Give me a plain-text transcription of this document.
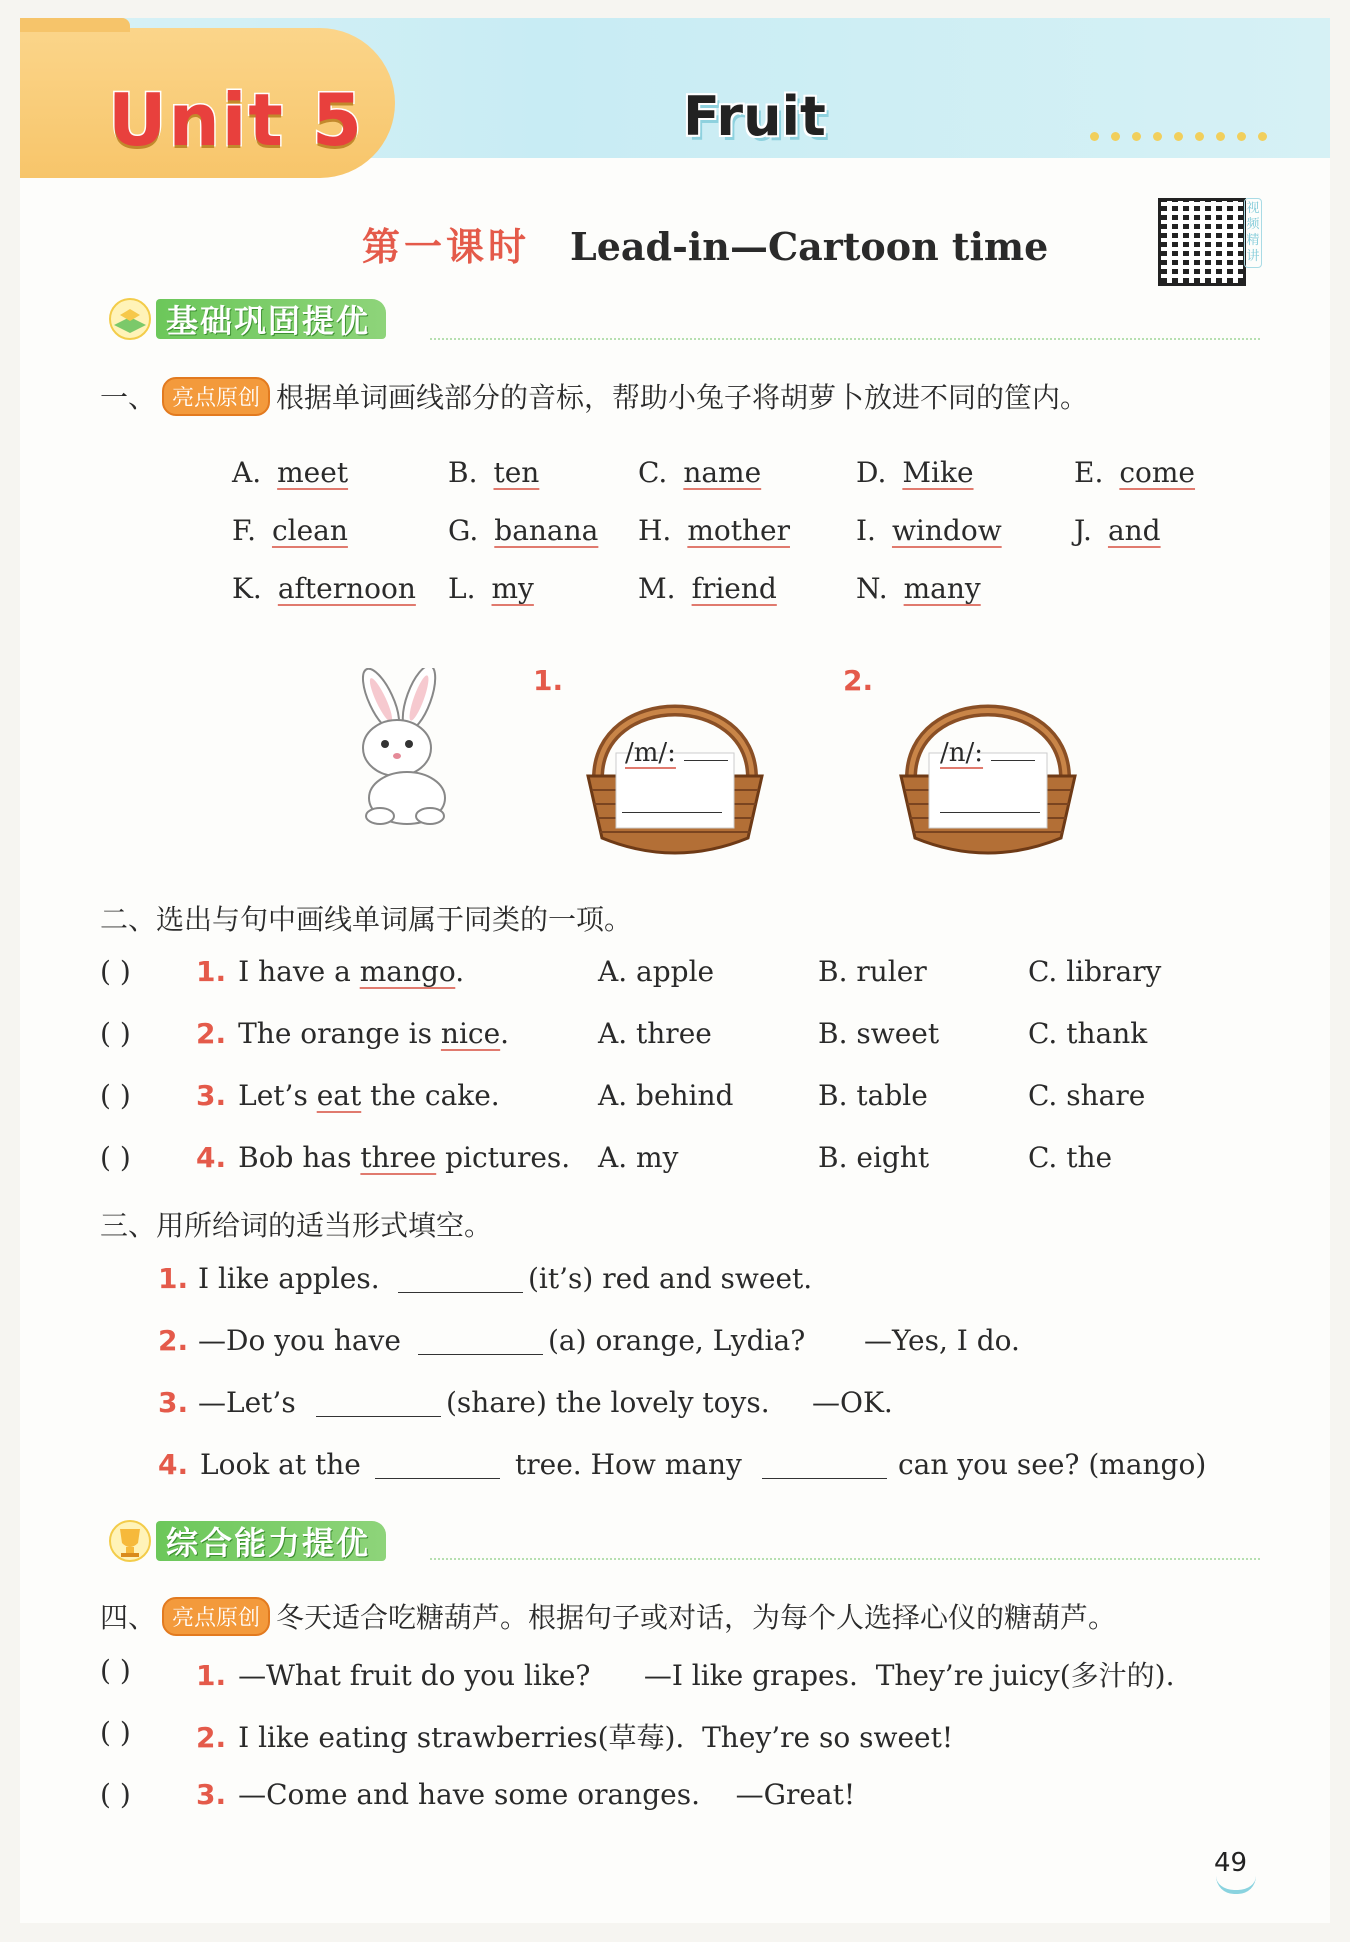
Unit 5	Fruit
第一课时 Lead-in—Cartoon time
视频精讲
基础巩固提优
一、 亮点原创 根据单词画线部分的音标，帮助小兔子将胡萝卜放进不同的筐内。
A. meet	B. ten	C. name	D. Mike	E. come
F. clean	G. banana H. mother I. window	J. and
K. afternoon L. my	M. friend	N. many
1.
/m/:
2.
/n/:
二、选出与句中画线单词属于同类的一项。
( ) 1. I have a mango.	A. apple	B. ruler	C. library
( ) 2. The orange is nice.	A. three	B. sweet	C. thank
( ) 3. Let’s eat the cake.	A. behind	B. table	C. share
( ) 4. Bob has three pictures. A. my	B. eight	C. the
三、用所给词的适当形式填空。
1. I like apples.	(it’s) red and sweet.
2. —Do you have	(a) orange, Lydia? —Yes, I do.
3. —Let’s	(share) the lovely toys. —OK.
4. Look at the	tree. How many	can you see? (mango)
综合能力提优
四、 亮点原创 冬天适合吃糖葫芦。根据句子或对话，为每个人选择心仪的糖葫芦。
( ) 1. —What fruit do you like?      —I like grapes.  They’re juicy(多汁的).
( ) 2. I like eating strawberries(草莓).  They’re so sweet!
( ) 3. —Come and have some oranges.    —Great!
49
